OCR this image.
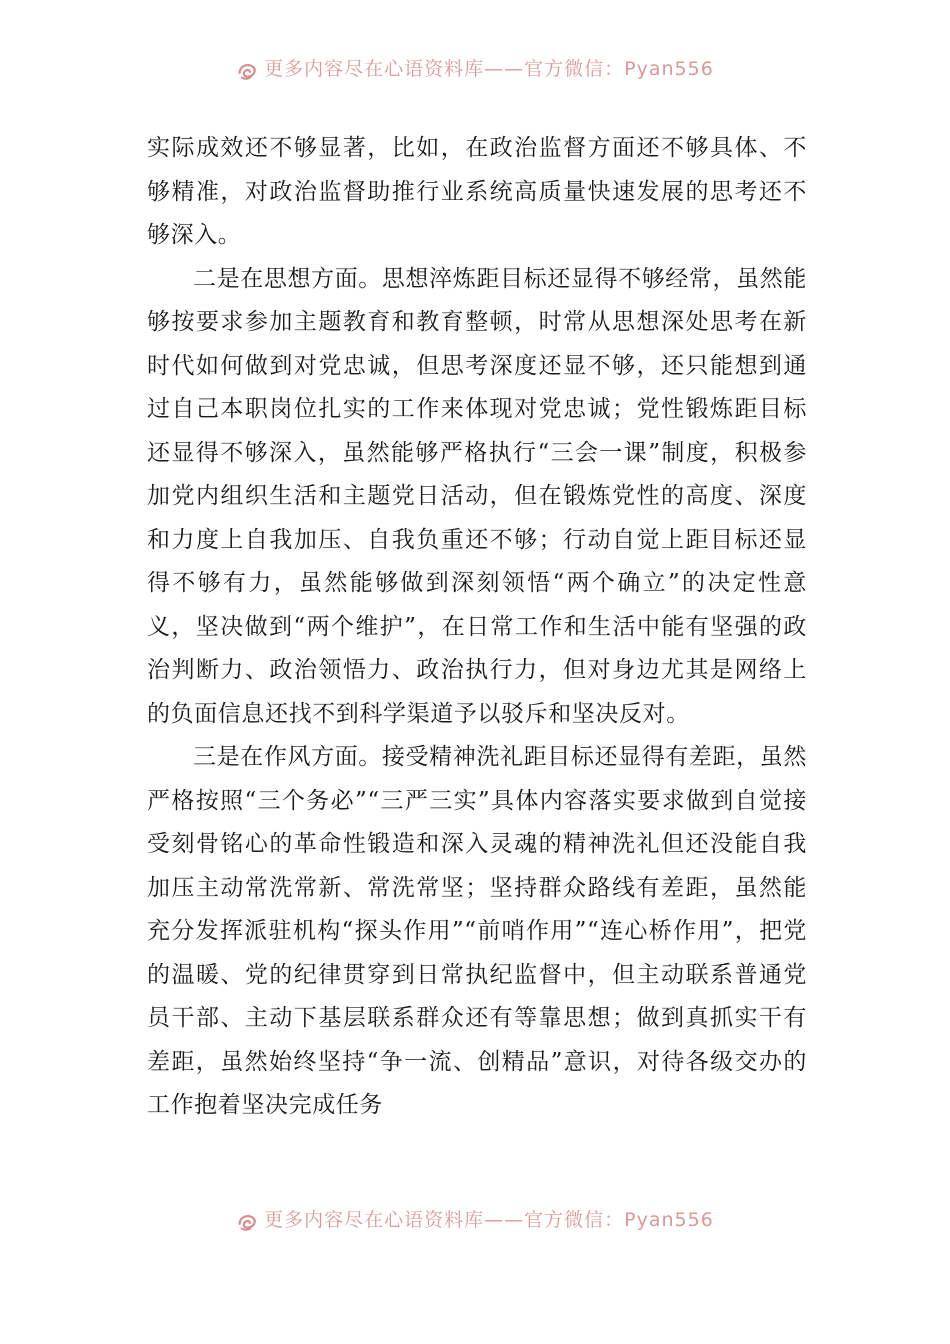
更多内容尽在心语资料库——官方微信：Pyan556

实际成效还不够显著，比如，在政治监督方面还不够具体、不够精准，对政治监督助推行业系统高质量快速发展的思考还不够深入。

二是在思想方面。思想淬炼距目标还显得不够经常，虽然能够按要求参加主题教育和教育整顿，时常从思想深处思考在新时代如何做到对党忠诚，但思考深度还显不够，还只能想到通过自己本职岗位扎实的工作来体现对党忠诚；党性锻炼距目标还显得不够深入，虽然能够严格执行“三会一课”制度，积极参加党内组织生活和主题党日活动，但在锻炼党性的高度、深度和力度上自我加压、自我负重还不够；行动自觉上距目标还显得不够有力，虽然能够做到深刻领悟“两个确立”的决定性意义，坚决做到“两个维护”，在日常工作和生活中能有坚强的政治判断力、政治领悟力、政治执行力，但对身边尤其是网络上的负面信息还找不到科学渠道予以驳斥和坚决反对。

三是在作风方面。接受精神洗礼距目标还显得有差距，虽然严格按照“三个务必”“三严三实”具体内容落实要求做到自觉接受刻骨铭心的革命性锻造和深入灵魂的精神洗礼但还没能自我加压主动常洗常新、常洗常坚；坚持群众路线有差距，虽然能充分发挥派驻机构“探头作用”“前哨作用”“连心桥作用”，把党的温暖、党的纪律贯穿到日常执纪监督中，但主动联系普通党员干部、主动下基层联系群众还有等靠思想；做到真抓实干有差距，虽然始终坚持“争一流、创精品”意识，对待各级交办的工作抱着坚决完成任务

更多内容尽在心语资料库——官方微信：Pyan556
